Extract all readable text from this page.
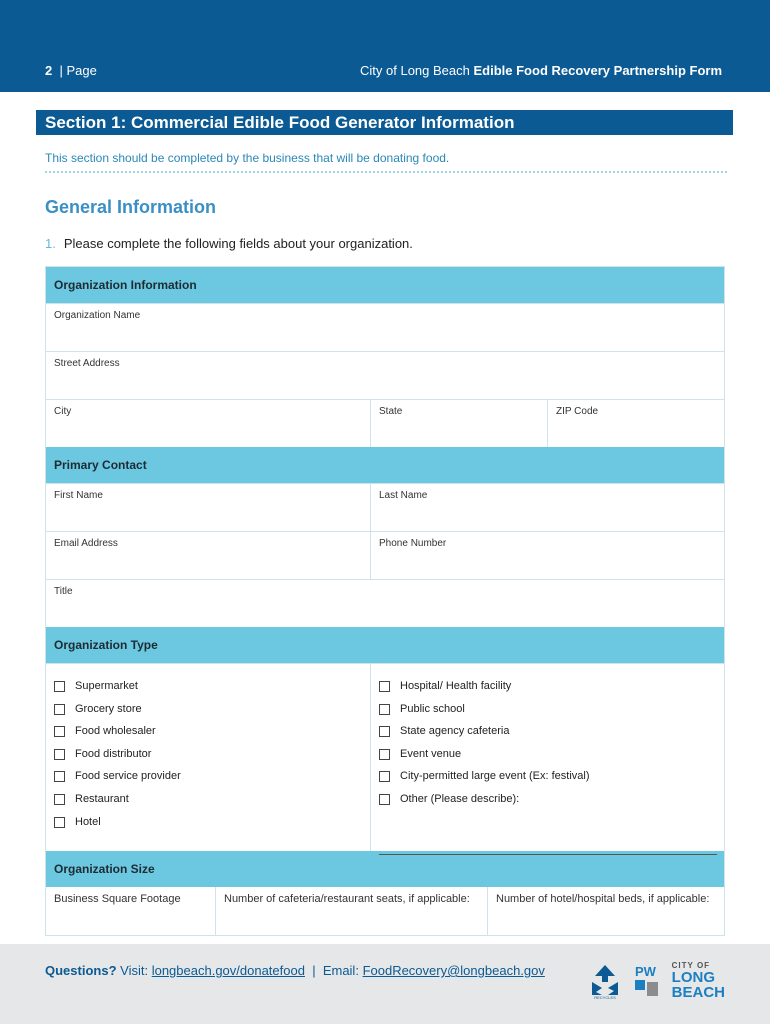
2 | Page	City of Long Beach Edible Food Recovery Partnership Form
Section 1: Commercial Edible Food Generator Information
This section should be completed by the business that will be donating food.
General Information
1. Please complete the following fields about your organization.
Organization Information
Organization Name
Street Address
City	State	ZIP Code
Primary Contact
First Name	Last Name
Email Address	Phone Number
Title
Organization Type
Supermarket
Grocery store
Food wholesaler
Food distributor
Food service provider
Restaurant
Hotel
Hospital/ Health facility
Public school
State agency cafeteria
Event venue
City-permitted large event (Ex: festival)
Other (Please describe):
Organization Size
Business Square Footage	Number of cafeteria/restaurant seats, if applicable:	Number of hotel/hospital beds, if applicable:
Questions? Visit: longbeach.gov/donatefood | Email: FoodRecovery@longbeach.gov
RECYCLES
PW CITY OF
LONG
BEACH
